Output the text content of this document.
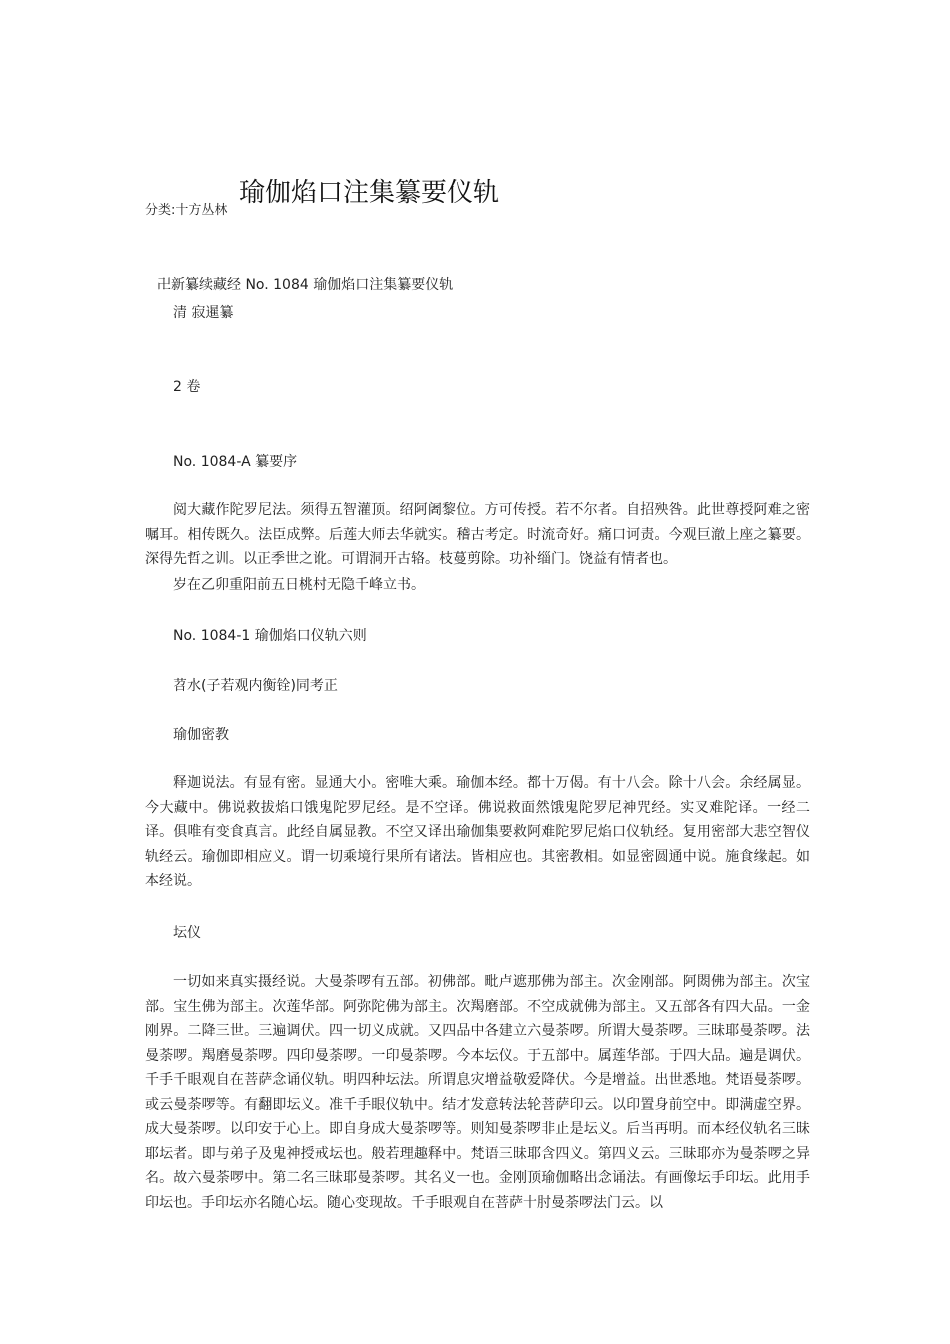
分类:十方丛林
瑜伽焰口注集纂要仪轨
卍新纂续藏经 No. 1084 瑜伽焰口注集纂要仪轨
清 寂暹纂
2 卷
No. 1084-A 纂要序

阅大藏作陀罗尼法。须得五智灌顶。绍阿阇黎位。方可传授。若不尔者。自招殃咎。此世尊授阿难之密嘱耳。相传既久。法臣成弊。后莲大师去华就实。稽古考定。时流奇好。痛口诃责。今观巨澈上座之纂要。深得先哲之训。以正季世之讹。可谓洞开古辂。枝蔓剪除。功补缁门。饶益有情者也。

岁在乙卯重阳前五日桃村无隐千峰立书。
No. 1084-1 瑜伽焰口仪轨六则
苕水(子若观内衡铨)同考正
瑜伽密教

释迦说法。有显有密。显通大小。密唯大乘。瑜伽本经。都十万偈。有十八会。除十八会。余经属显。今大藏中。佛说救拔焰口饿鬼陀罗尼经。是不空译。佛说救面然饿鬼陀罗尼神咒经。实叉难陀译。一经二译。俱唯有变食真言。此经自属显教。不空又译出瑜伽集要救阿难陀罗尼焰口仪轨经。复用密部大悲空智仪轨经云。瑜伽即相应义。谓一切乘境行果所有诸法。皆相应也。其密教相。如显密圆通中说。施食缘起。如本经说。

坛仪

一切如来真实摄经说。大曼荼啰有五部。初佛部。毗卢遮那佛为部主。次金刚部。阿閦佛为部主。次宝部。宝生佛为部主。次莲华部。阿弥陀佛为部主。次羯磨部。不空成就佛为部主。又五部各有四大品。一金刚界。二降三世。三遍调伏。四一切义成就。又四品中各建立六曼荼啰。所谓大曼荼啰。三昧耶曼荼啰。法曼荼啰。羯磨曼荼啰。四印曼荼啰。一印曼荼啰。今本坛仪。于五部中。属莲华部。于四大品。遍是调伏。千手千眼观自在菩萨念诵仪轨。明四种坛法。所谓息灾增益敬爱降伏。今是增益。出世悉地。梵语曼荼啰。或云曼荼啰等。有翻即坛义。准千手眼仪轨中。结才发意转法轮菩萨印云。以印置身前空中。即满虚空界。成大曼荼啰。以印安于心上。即自身成大曼荼啰等。则知曼荼啰非止是坛义。后当再明。而本经仪轨名三昧耶坛者。即与弟子及鬼神授戒坛也。般若理趣释中。梵语三昧耶含四义。第四义云。三昧耶亦为曼荼啰之异名。故六曼荼啰中。第二名三昧耶曼荼啰。其名义一也。金刚顶瑜伽略出念诵法。有画像坛手印坛。此用手印坛也。手印坛亦名随心坛。随心变现故。千手眼观自在菩萨十肘曼荼啰法门云。以
